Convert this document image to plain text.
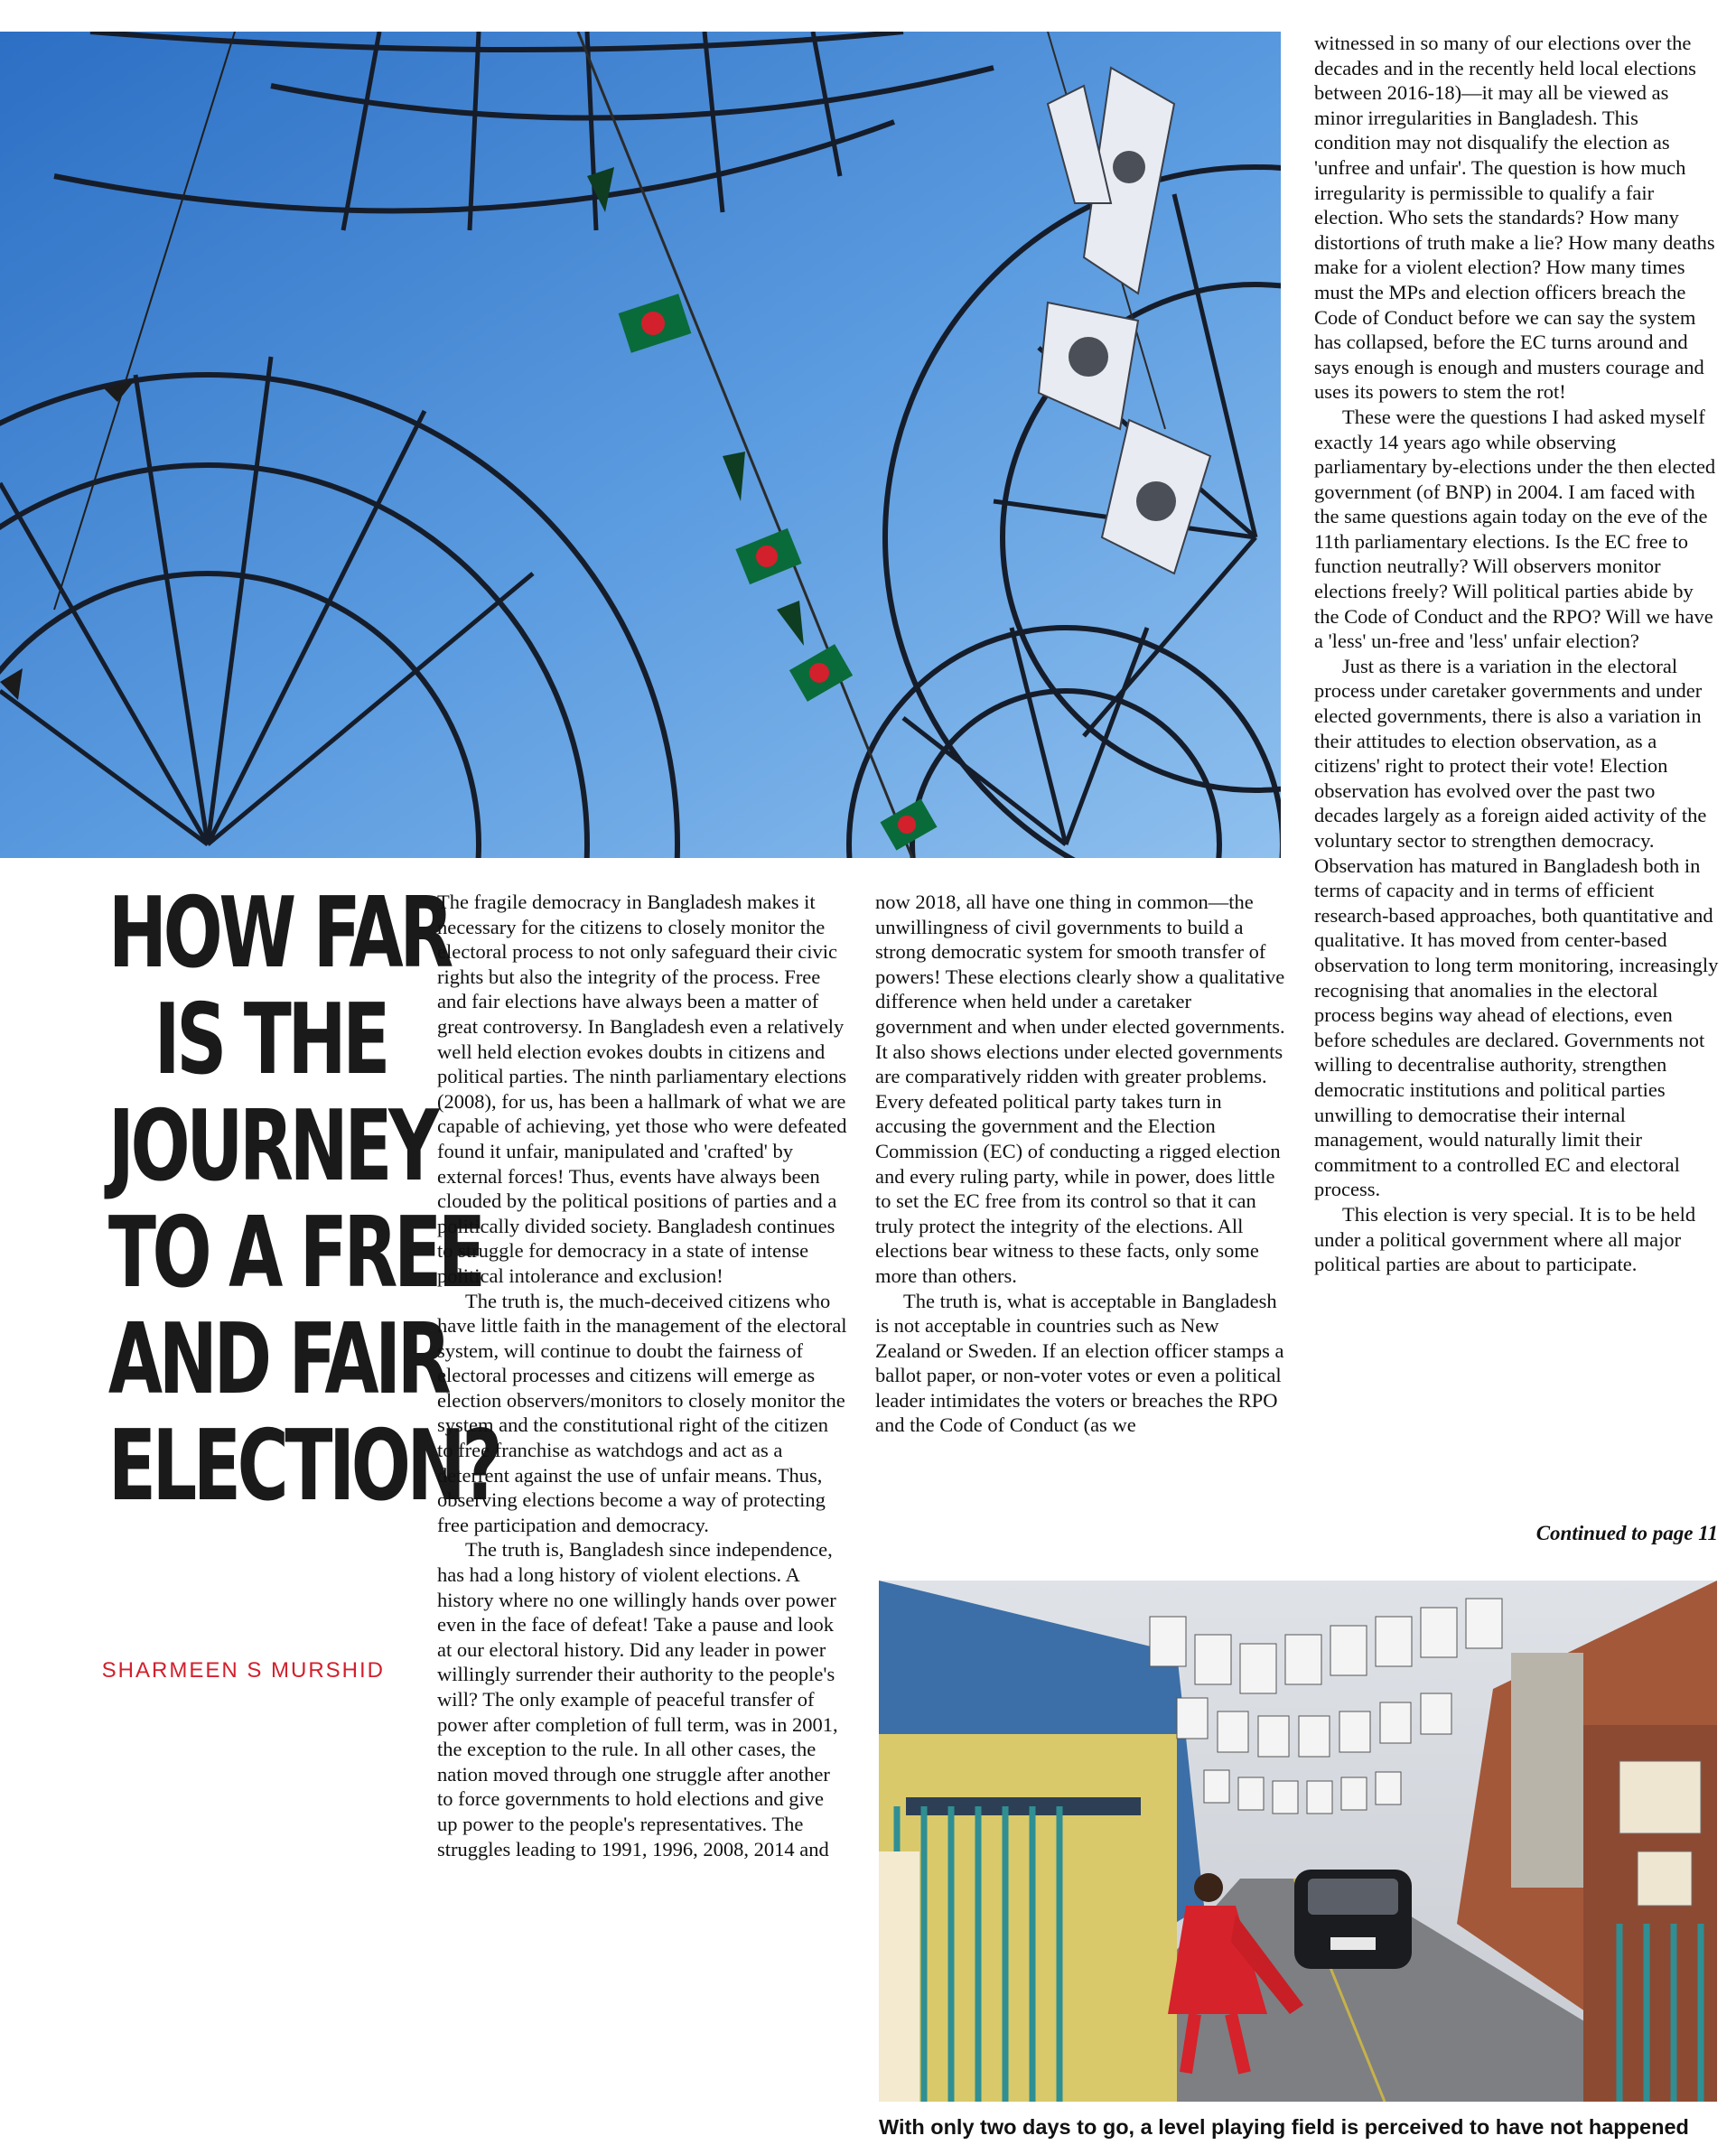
HOW FAR
IS THE
JOURNEY
TO A FREE
AND FAIR
ELECTION?
SHARMEEN S MURSHID

The fragile democracy in Bangladesh makes it necessary for the citizens to closely monitor the electoral process to not only safeguard their civic rights but also the integrity of the process. Free and fair elections have always been a matter of great controversy. In Bangladesh even a relatively well held election evokes doubts in citizens and political parties. The ninth parliamentary elections (2008), for us, has been a hallmark of what we are capable of achieving, yet those who were defeated found it unfair, manipulated and 'crafted' by external forces! Thus, events have always been clouded by the political positions of parties and a politically divided society. Bangladesh continues to struggle for democracy in a state of intense political intolerance and exclusion!

The truth is, the much-deceived citizens who have little faith in the management of the electoral system, will continue to doubt the fairness of electoral processes and citizens will emerge as election observers/monitors to closely monitor the system and the constitutional right of the citizen to free franchise as watchdogs and act as a deterrent against the use of unfair means. Thus, observing elections become a way of protecting free participation and democracy.

The truth is, Bangladesh since independence, has had a long history of violent elections. A history where no one willingly hands over power even in the face of defeat! Take a pause and look at our electoral history. Did any leader in power willingly surrender their authority to the people's will? The only example of peaceful transfer of power after completion of full term, was in 2001, the exception to the rule. In all other cases, the nation moved through one struggle after another to force governments to hold elections and give up power to the people's representatives. The struggles leading to 1991, 1996, 2008, 2014 and

now 2018, all have one thing in common—the unwillingness of civil governments to build a strong democratic system for smooth transfer of powers! These elections clearly show a qualitative difference when held under a caretaker government and when under elected governments. It also shows elections under elected governments are comparatively ridden with greater problems. Every defeated political party takes turn in accusing the government and the Election Commission (EC) of conducting a rigged election and every ruling party, while in power, does little to set the EC free from its control so that it can truly protect the integrity of the elections. All elections bear witness to these facts, only some more than others.

The truth is, what is acceptable in Bangladesh is not acceptable in countries such as New Zealand or Sweden. If an election officer stamps a ballot paper, or non-voter votes or even a political leader intimidates the voters or breaches the RPO and the Code of Conduct (as we

witnessed in so many of our elections over the decades and in the recently held local elections between 2016-18)—it may all be viewed as minor irregularities in Bangladesh. This condition may not disqualify the election as 'unfree and unfair'. The question is how much irregularity is permissible to qualify a fair election. Who sets the standards? How many distortions of truth make a lie? How many deaths make for a violent election? How many times must the MPs and election officers breach the Code of Conduct before we can say the system has collapsed, before the EC turns around and says enough is enough and musters courage and uses its powers to stem the rot!

These were the questions I had asked myself exactly 14 years ago while observing parliamentary by-elections under the then elected government (of BNP) in 2004. I am faced with the same questions again today on the eve of the 11th parliamentary elections. Is the EC free to function neutrally? Will observers monitor elections freely? Will political parties abide by the Code of Conduct and the RPO? Will we have a 'less' un-free and 'less' unfair election?

Just as there is a variation in the electoral process under caretaker governments and under elected governments, there is also a variation in their attitudes to election observation, as a citizens' right to protect their vote! Election observation has evolved over the past two decades largely as a foreign aided activity of the voluntary sector to strengthen democracy. Observation has matured in Bangladesh both in terms of capacity and in terms of efficient research-based approaches, both quantitative and qualitative. It has moved from center-based observation to long term monitoring, increasingly recognising that anomalies in the electoral process begins way ahead of elections, even before schedules are declared. Governments not willing to decentralise authority, strengthen democratic institutions and political parties unwilling to democratise their internal management, would naturally limit their commitment to a controlled EC and electoral process.

This election is very special. It is to be held under a political government where all major political parties are about to participate.

Continued to page 11
With only two days to go, a level playing field is perceived to have not happened
